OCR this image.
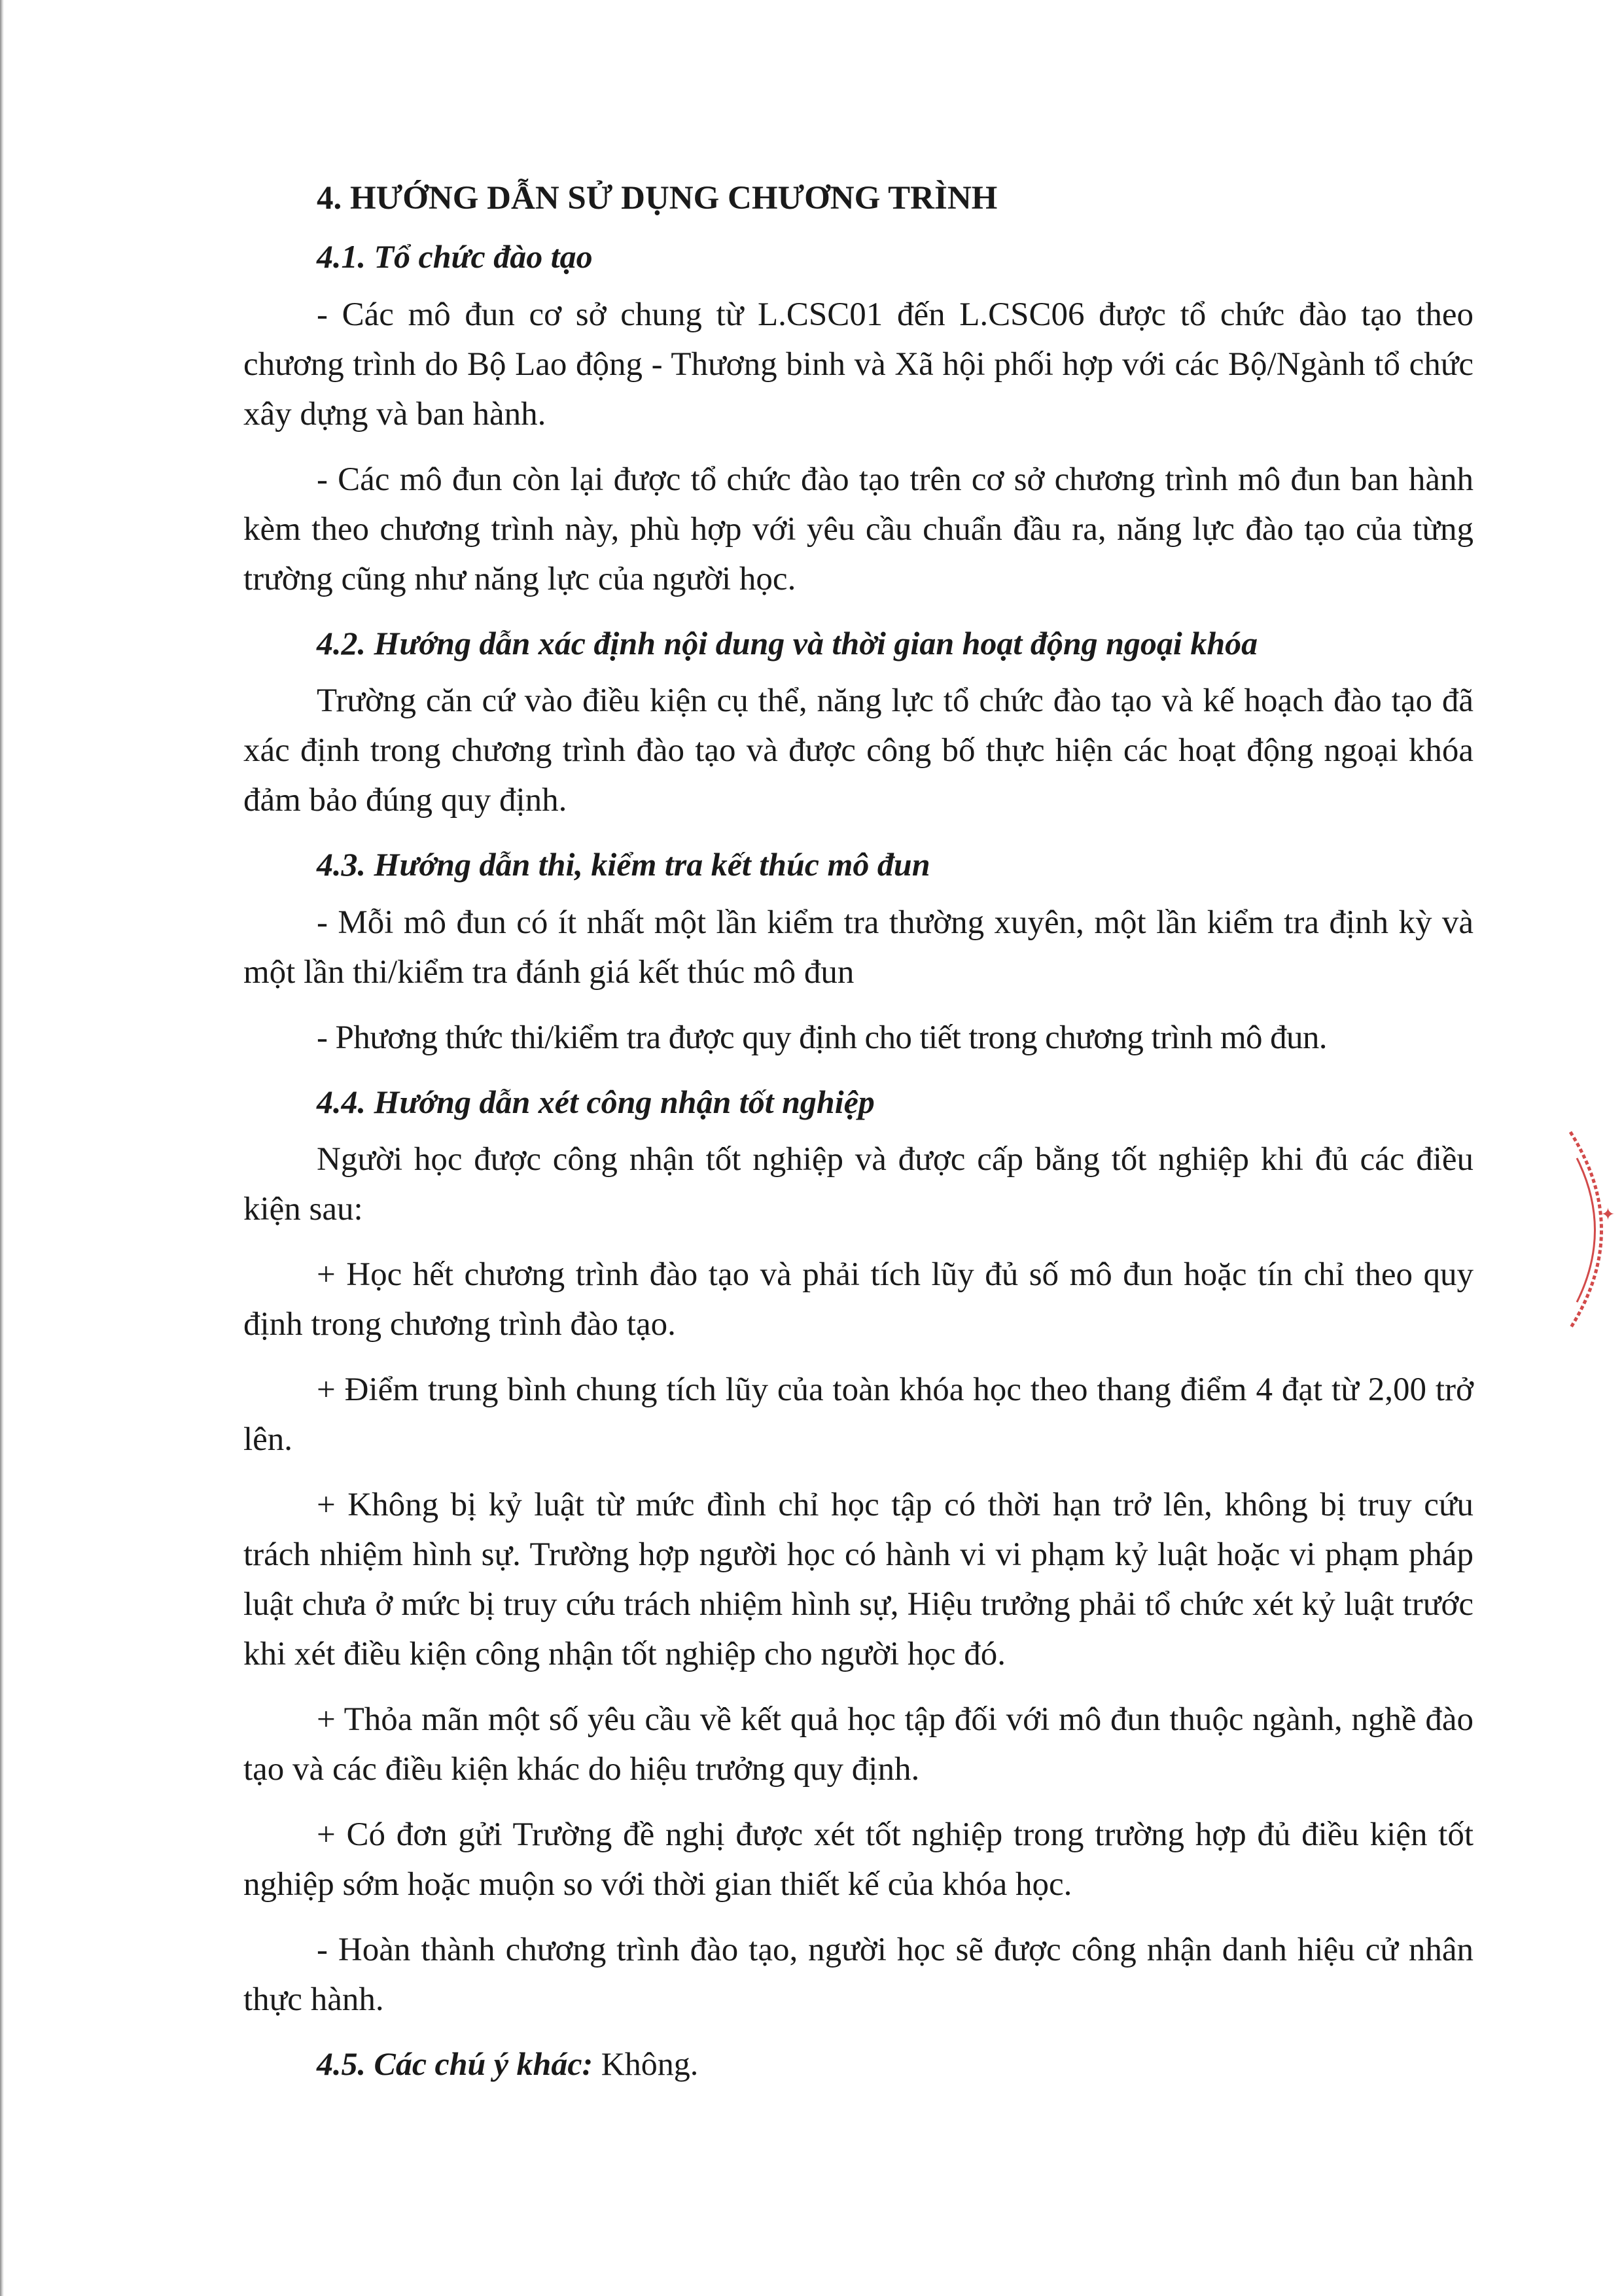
4. HƯỚNG DẪN SỬ DỤNG CHƯƠNG TRÌNH
4.1. Tổ chức đào tạo

- Các mô đun cơ sở chung từ L.CSC01 đến L.CSC06 được tổ chức đào tạo theo chương trình do Bộ Lao động - Thương binh và Xã hội phối hợp với các Bộ/Ngành tổ chức xây dựng và ban hành.

- Các mô đun còn lại được tổ chức đào tạo trên cơ sở chương trình mô đun ban hành kèm theo chương trình này, phù hợp với yêu cầu chuẩn đầu ra, năng lực đào tạo của từng trường cũng như năng lực của người học.

4.2. Hướng dẫn xác định nội dung và thời gian hoạt động ngoại khóa

Trường căn cứ vào điều kiện cụ thể, năng lực tổ chức đào tạo và kế hoạch đào tạo đã xác định trong chương trình đào tạo và được công bố thực hiện các hoạt động ngoại khóa đảm bảo đúng quy định.

4.3. Hướng dẫn thi, kiểm tra kết thúc mô đun

- Mỗi mô đun có ít nhất một lần kiểm tra thường xuyên, một lần kiểm tra định kỳ và một lần thi/kiểm tra đánh giá kết thúc mô đun

- Phương thức thi/kiểm tra được quy định cho tiết trong chương trình mô đun.

4.4. Hướng dẫn xét công nhận tốt nghiệp

Người học được công nhận tốt nghiệp và được cấp bằng tốt nghiệp khi đủ các điều kiện sau:

+ Học hết chương trình đào tạo và phải tích lũy đủ số mô đun hoặc tín chỉ theo quy định trong chương trình đào tạo.

+ Điểm trung bình chung tích lũy của toàn khóa học theo thang điểm 4 đạt từ 2,00 trở lên.

+ Không bị kỷ luật từ mức đình chỉ học tập có thời hạn trở lên, không bị truy cứu trách nhiệm hình sự. Trường hợp người học có hành vi vi phạm kỷ luật hoặc vi phạm pháp luật chưa ở mức bị truy cứu trách nhiệm hình sự, Hiệu trưởng phải tổ chức xét kỷ luật trước khi xét điều kiện công nhận tốt nghiệp cho người học đó.

+ Thỏa mãn một số yêu cầu về kết quả học tập đối với mô đun thuộc ngành, nghề đào tạo và các điều kiện khác do hiệu trưởng quy định.

+ Có đơn gửi Trường đề nghị được xét tốt nghiệp trong trường hợp đủ điều kiện tốt nghiệp sớm hoặc muộn so với thời gian thiết kế của khóa học.

- Hoàn thành chương trình đào tạo, người học sẽ được công nhận danh hiệu cử nhân thực hành.

4.5. Các chú ý khác: Không.
✦
